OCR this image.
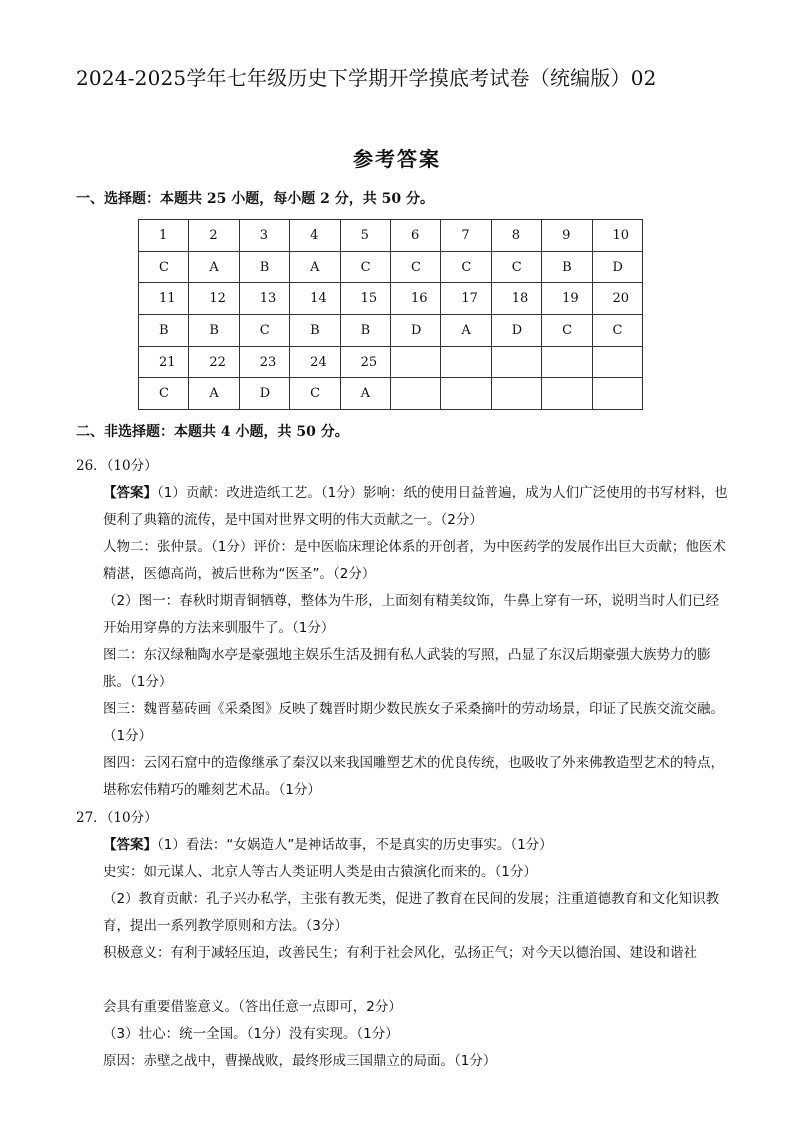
2024-2025学年七年级历史下学期开学摸底考试卷（统编版）02
参考答案
一、选择题：本题共 25 小题，每小题 2 分，共 50 分。
1	2	3	4	5	6	7	8	9	10
C	A	B	A	C	C	C	C	B	D
11	12	13	14	15	16	17	18	19	20
B	B	C	B	B	D	A	D	C	C
21	22	23	24	25					
C	A	D	C	A					
二、非选择题：本题共 4 小题，共 50 分。
26．（10分）
【答案】（1）贡献：改进造纸工艺。（1分）影响：纸的使用日益普遍，成为人们广泛使用的书写材料，也便利了典籍的流传，是中国对世界文明的伟大贡献之一。（2分）
人物二：张仲景。（1分）评价：是中医临床理论体系的开创者，为中医药学的发展作出巨大贡献；他医术精湛，医德高尚，被后世称为“医圣”。（2分）
（2）图一：春秋时期青铜牺尊，整体为牛形，上面刻有精美纹饰，牛鼻上穿有一环，说明当时人们已经开始用穿鼻的方法来驯服牛了。（1分）
图二：东汉绿釉陶水亭是豪强地主娱乐生活及拥有私人武装的写照，凸显了东汉后期豪强大族势力的膨胀。（1分）
图三：魏晋墓砖画《采桑图》反映了魏晋时期少数民族女子采桑摘叶的劳动场景，印证了民族交流交融。（1分）
图四：云冈石窟中的造像继承了秦汉以来我国雕塑艺术的优良传统，也吸收了外来佛教造型艺术的特点，堪称宏伟精巧的雕刻艺术品。（1分）
27．（10分）
【答案】（1）看法：“女娲造人”是神话故事，不是真实的历史事实。（1分）
史实：如元谋人、北京人等古人类证明人类是由古猿演化而来的。（1分）
（2）教育贡献：孔子兴办私学，主张有教无类，促进了教育在民间的发展；注重道德教育和文化知识教育，提出一系列教学原则和方法。（3分）
积极意义：有利于减轻压迫，改善民生；有利于社会风化，弘扬正气；对今天以德治国、建设和谐社
会具有重要借鉴意义。（答出任意一点即可，2分）
（3）壮心：统一全国。（1分）没有实现。（1分）
原因：赤壁之战中，曹操战败，最终形成三国鼎立的局面。（1分）
